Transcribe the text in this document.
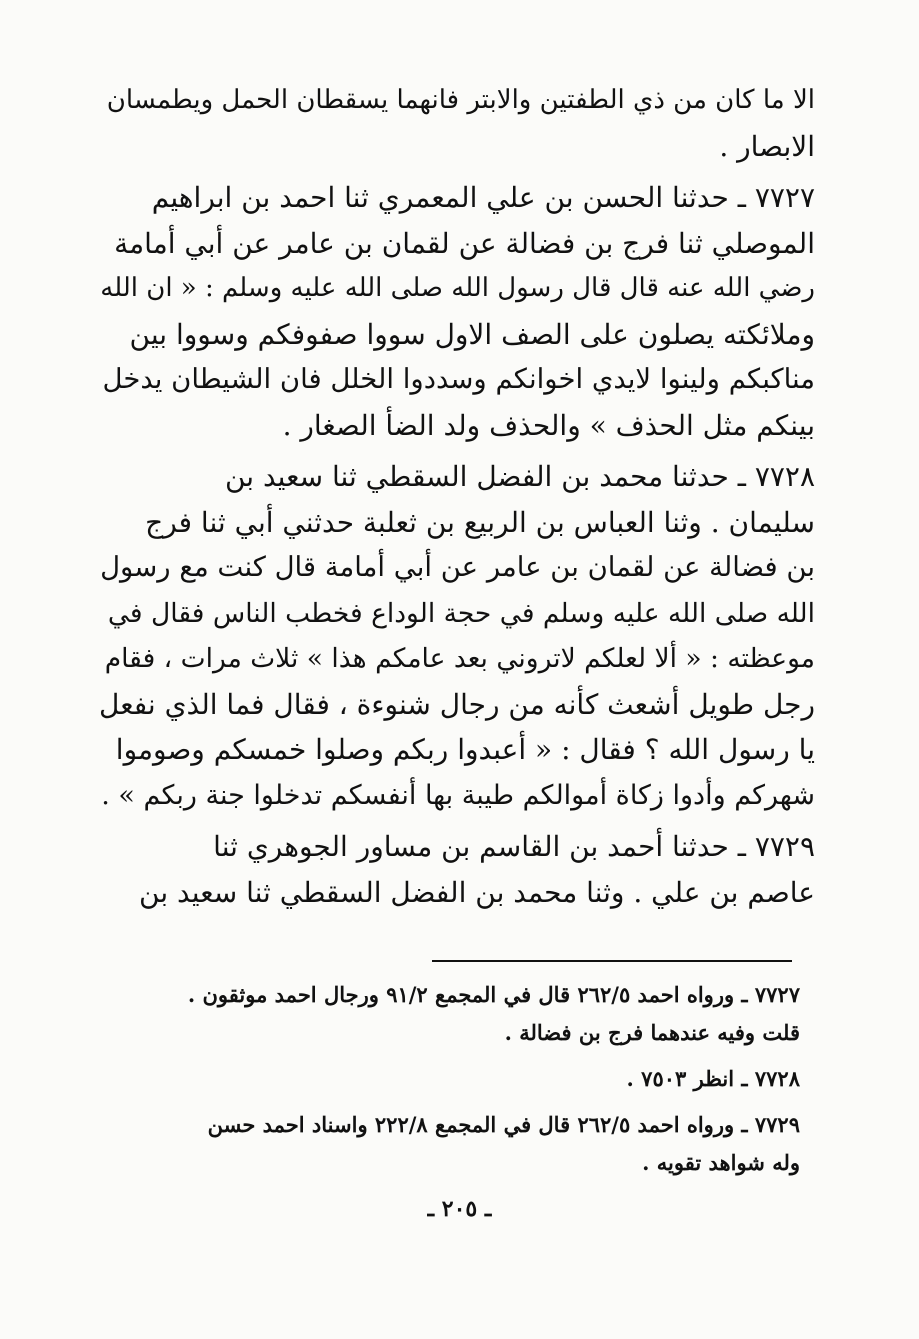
الا ما كان من ذي الطفتين والابتر فانهما يسقطان الحمل ويطمسان
الابصار .
٧٧٢٧ ـ حدثنا الحسن بن علي المعمري ثنا احمد بن ابراهيم
الموصلي ثنا فرج بن فضالة عن لقمان بن عامر عن أبي أمامة
رضي الله عنه قال قال رسول الله صلى الله عليه وسلم : « ان الله
وملائكته يصلون على الصف الاول سووا صفوفكم وسووا بين
مناكبكم ولينوا لايدي اخوانكم وسددوا الخلل فان الشيطان يدخل
بينكم مثل الحذف » والحذف ولد الضأ الصغار .
٧٧٢٨ ـ حدثنا محمد بن الفضل السقطي ثنا سعيد بن
سليمان . وثنا العباس بن الربيع بن ثعلبة حدثني أبي ثنا فرج
بن فضالة عن لقمان بن عامر عن أبي أمامة قال كنت مع رسول
الله صلى الله عليه وسلم في حجة الوداع فخطب الناس فقال في
موعظته : « ألا لعلكم لاتروني بعد عامكم هذا » ثلاث مرات ، فقام
رجل طويل أشعث كأنه من رجال شنوءة ، فقال فما الذي نفعل
يا رسول الله ؟ فقال : « أعبدوا ربكم وصلوا خمسكم وصوموا
شهركم وأدوا زكاة أموالكم طيبة بها أنفسكم تدخلوا جنة ربكم » .
٧٧٢٩ ـ حدثنا أحمد بن القاسم بن مساور الجوهري ثنا
عاصم بن علي . وثنا محمد بن الفضل السقطي ثنا سعيد بن
٧٧٢٧ ـ ورواه احمد ٢٦٢/٥ قال في المجمع ٩١/٢ ورجال احمد موثقون .
قلت وفيه عندهما فرج بن فضالة .
٧٧٢٨ ـ انظر ٧٥٠٣ .
٧٧٢٩ ـ ورواه احمد ٢٦٢/٥ قال في المجمع ٢٢٢/٨ واسناد احمد حسن
وله شواهد تقويه .
ـ ٢٠٥ ـ
